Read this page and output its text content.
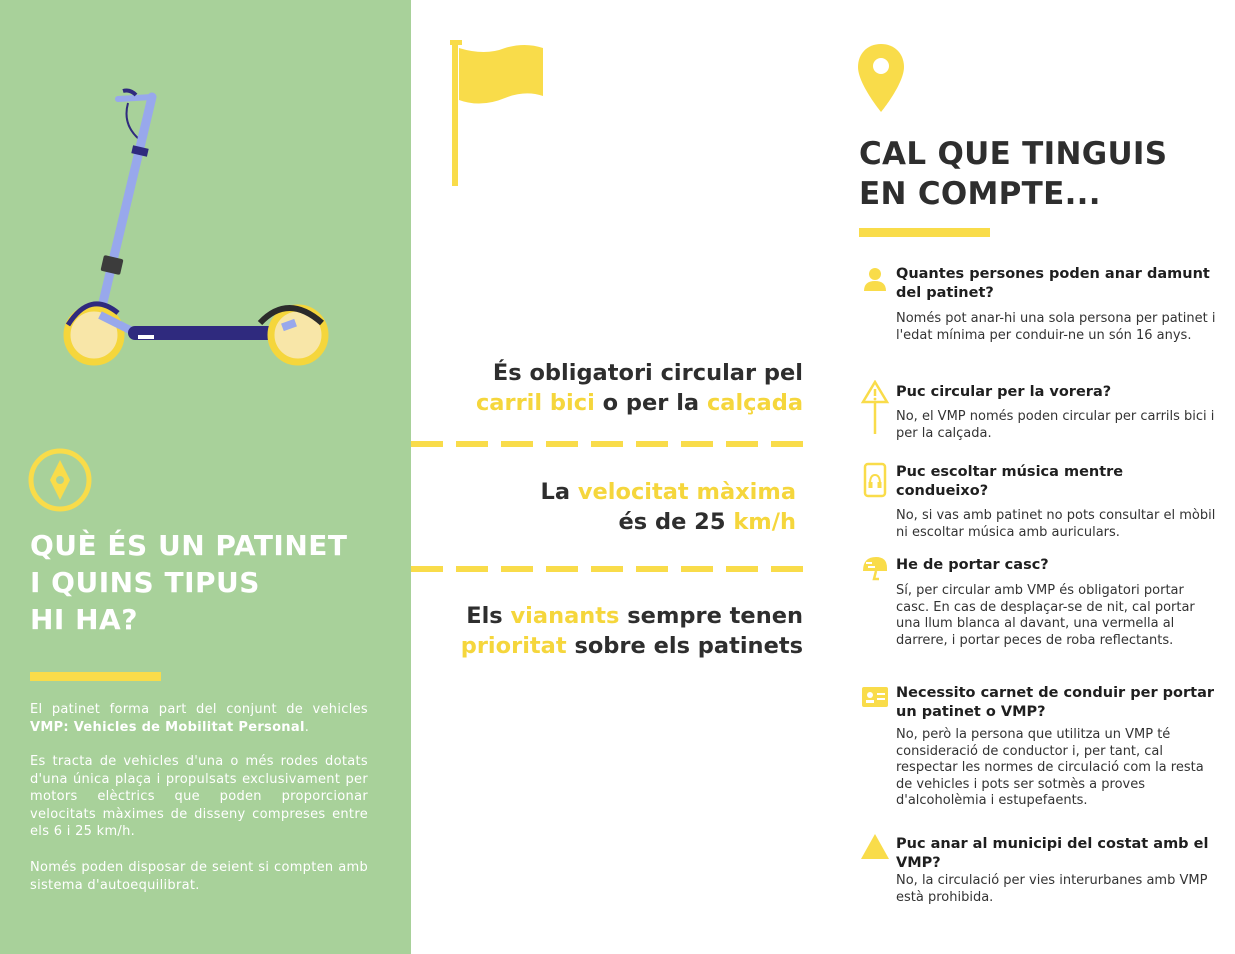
QUÈ ÉS UN PATINET
I QUINS TIPUS
HI HA?

El patinet forma part del conjunt de vehicles VMP: Vehicles de Mobilitat Personal.

Es tracta de vehicles d'una o més rodes dotats d'una única plaça i propulsats exclusivament per motors elèctrics que poden proporcionar velocitats màximes de disseny compreses entre els 6 i 25 km/h.

Només poden disposar de seient si compten amb sistema d'autoequilibrat.

És obligatori circular pel
carril bici o per la calçada
La velocitat màxima
és de 25 km/h
Els vianants sempre tenen
prioritat sobre els patinets
CAL QUE TINGUIS
EN COMPTE...

Quantes persones poden anar damunt del patinet?

Només pot anar-hi una sola persona per patinet i l'edat mínima per conduir-ne un són 16 anys.

Puc circular per la vorera?

No, el VMP només poden circular per carrils bici i per la calçada.

Puc escoltar música mentre condueixo?

No, si vas amb patinet no pots consultar el mòbil ni escoltar música amb auriculars.

He de portar casc?

Sí, per circular amb VMP és obligatori portar casc. En cas de desplaçar-se de nit, cal portar una llum blanca al davant, una vermella al darrere, i portar peces de roba reflectants.

Necessito carnet de conduir per portar un patinet o VMP?

No, però la persona que utilitza un VMP té consideració de conductor i, per tant, cal respectar les normes de circulació com la resta de vehicles i pots ser sotmès a proves d'alcoholèmia i estupefaents.

Puc anar al municipi del costat amb el VMP?

No, la circulació per vies interurbanes amb VMP està prohibida.
